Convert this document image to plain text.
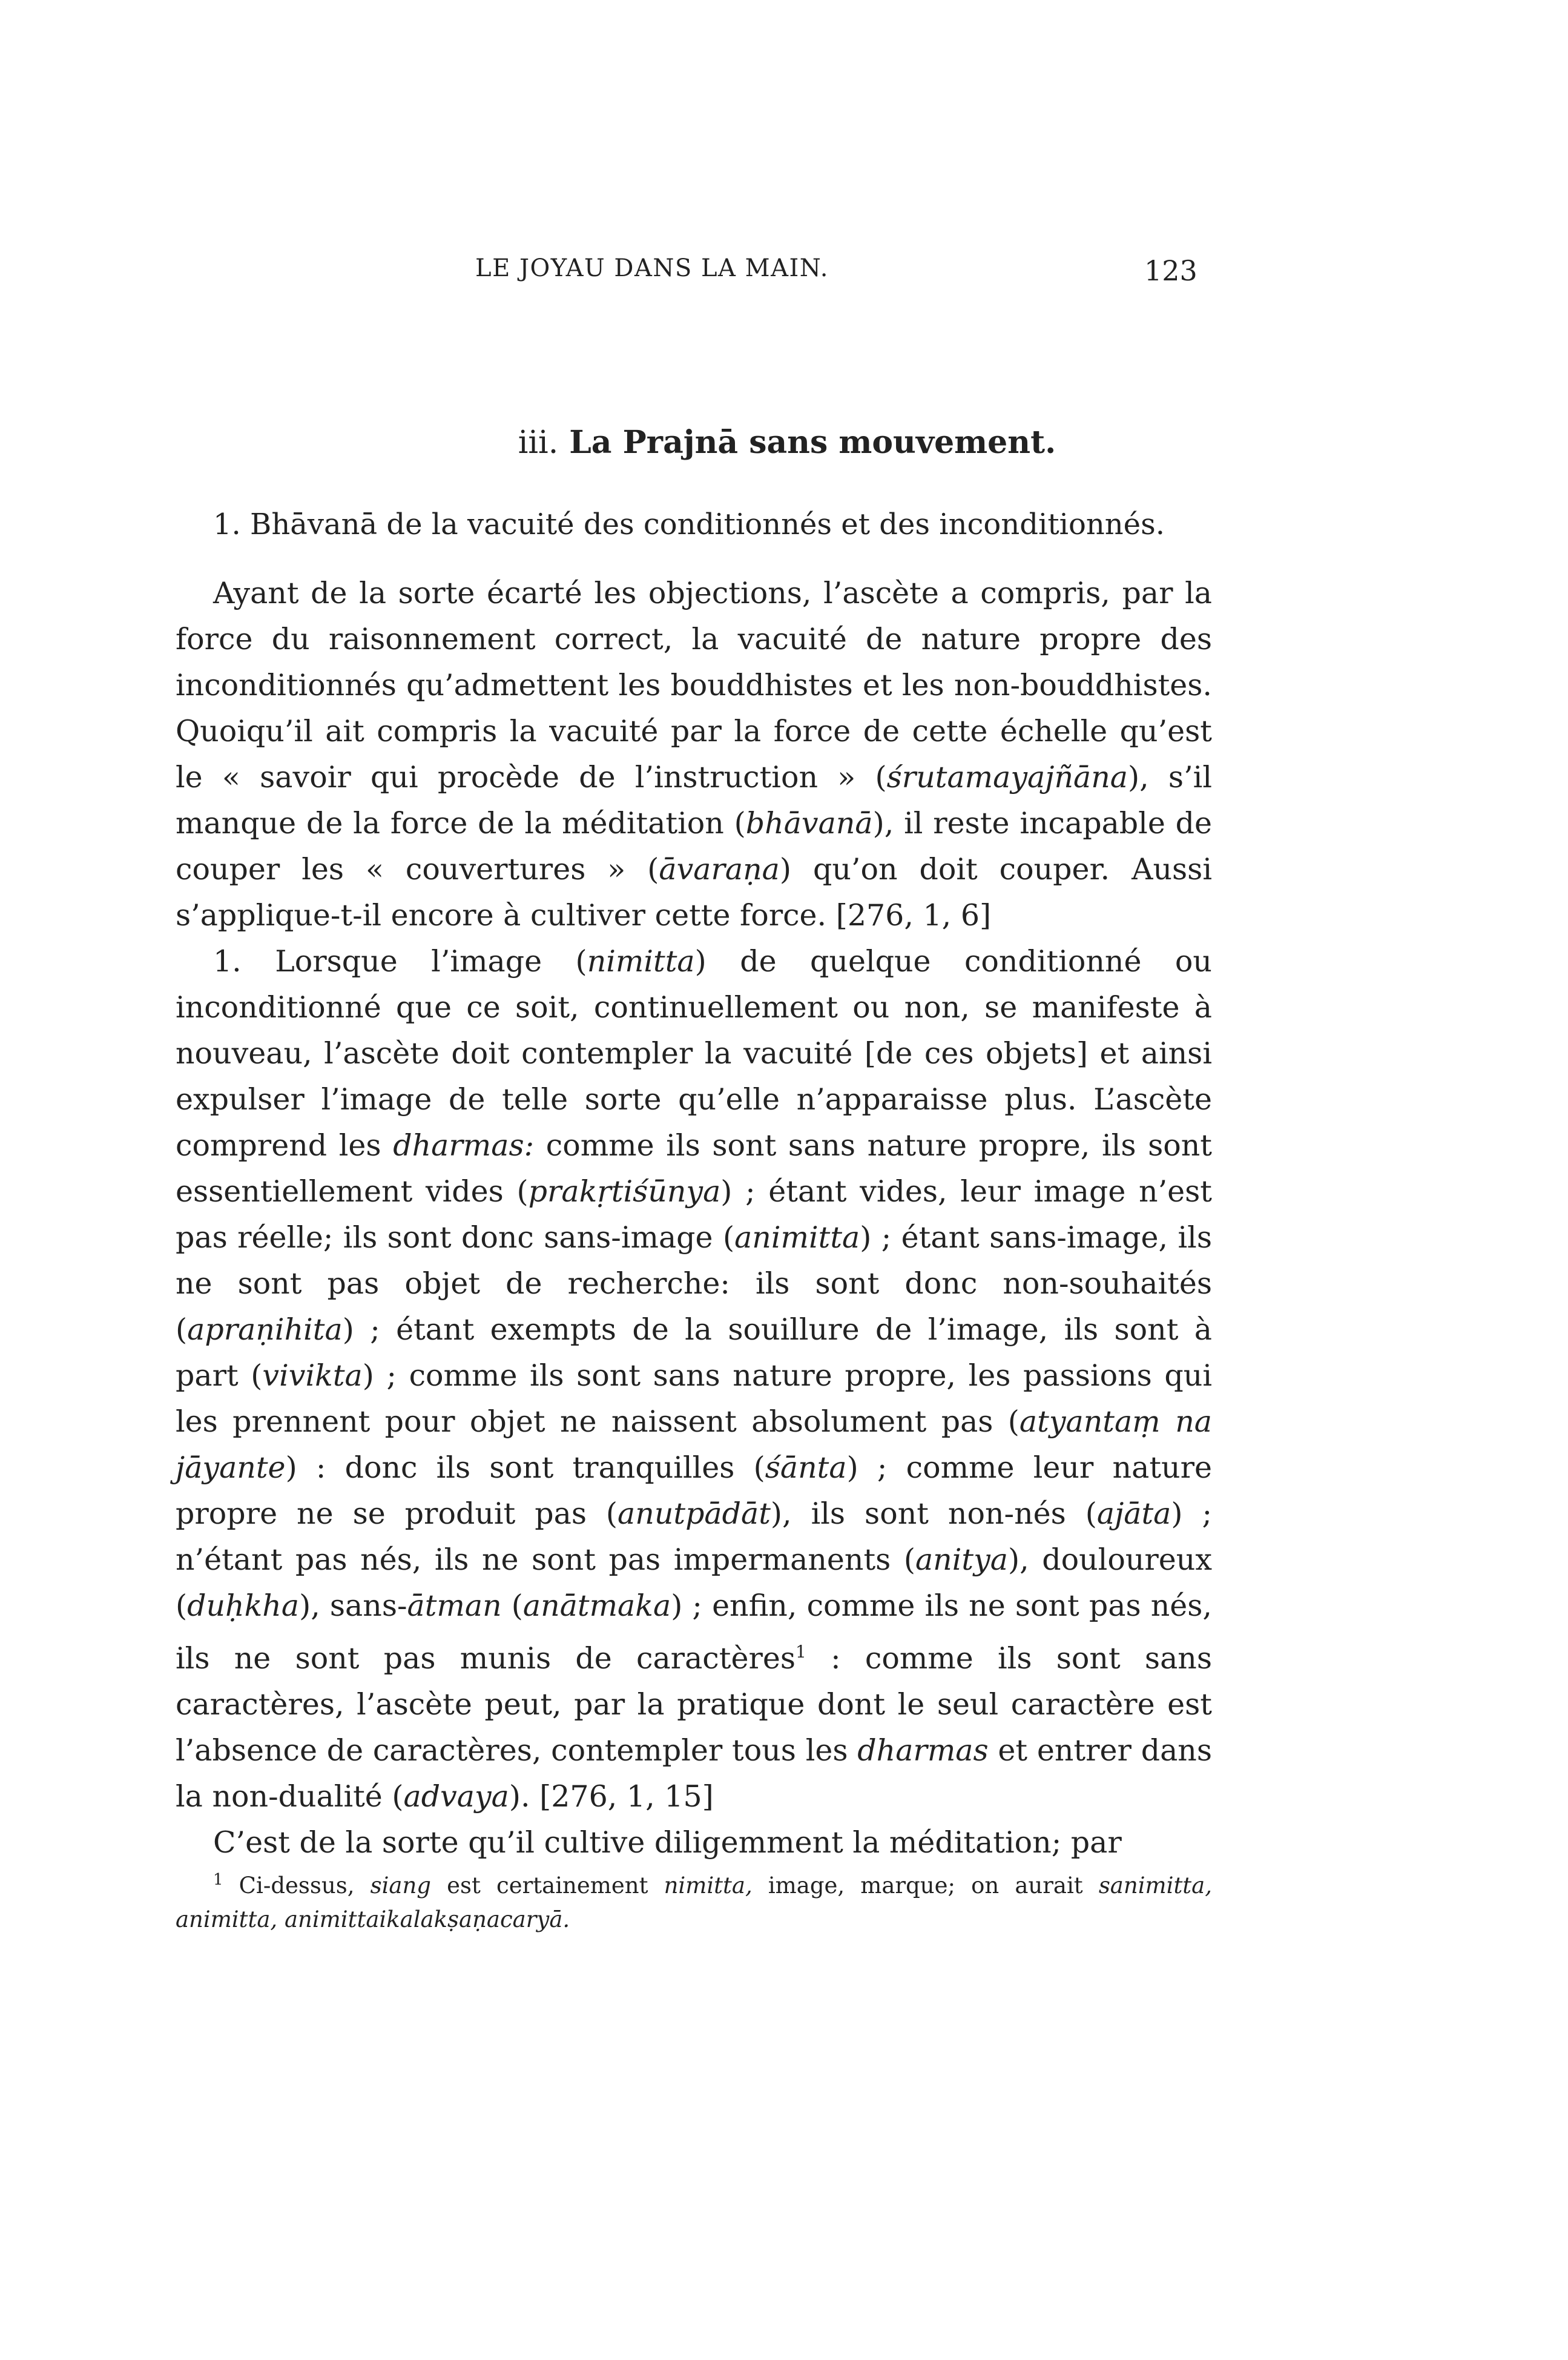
LE JOYAU DANS LA MAIN.	123
iii. La Prajnā sans mouvement.
1. Bhāvanā de la vacuité des conditionnés et des inconditionnés.

Ayant de la sorte écarté les objections, l’ascète a compris, par la force du raisonnement correct, la vacuité de nature propre des inconditionnés qu’admettent les bouddhistes et les non-bouddhistes. Quoiqu’il ait compris la vacuité par la force de cette échelle qu’est le « savoir qui procède de l’instruction » (śrutamayajñāna), s’il manque de la force de la méditation (bhāvanā), il reste incapable de couper les « couvertures » (āvaraṇa) qu’on doit couper. Aussi s’applique-t-il encore à cultiver cette force. [276, 1, 6]

1. Lorsque l’image (nimitta) de quelque conditionné ou inconditionné que ce soit, continuellement ou non, se manifeste à nouveau, l’ascète doit contempler la vacuité [de ces objets] et ainsi expulser l’image de telle sorte qu’elle n’apparaisse plus. L’ascète comprend les dharmas: comme ils sont sans nature propre, ils sont essentiellement vides (prakṛtiśūnya) ; étant vides, leur image n’est pas réelle; ils sont donc sans-image (animitta) ; étant sans-image, ils ne sont pas objet de recherche: ils sont donc non-souhaités (apraṇihita) ; étant exempts de la souillure de l’image, ils sont à part (vivikta) ; comme ils sont sans nature propre, les passions qui les prennent pour objet ne naissent absolument pas (atyantaṃ na jāyante) : donc ils sont tranquilles (śānta) ; comme leur nature propre ne se produit pas (anutpādāt), ils sont non-nés (ajāta) ; n’étant pas nés, ils ne sont pas impermanents (anitya), douloureux (duḥkha), sans-ātman (anātmaka) ; enfin, comme ils ne sont pas nés, ils ne sont pas munis de caractères$^1$ : comme ils sont sans caractères, l’ascète peut, par la pratique dont le seul caractère est l’absence de caractères, contempler tous les dharmas et entrer dans la non-dualité (advaya). [276, 1, 15]

C’est de la sorte qu’il cultive diligemment la méditation; par

$^1$ Ci-dessus, siang est certainement nimitta, image, marque; on aurait sanimitta, animitta, animittaikalakṣaṇacaryā.
